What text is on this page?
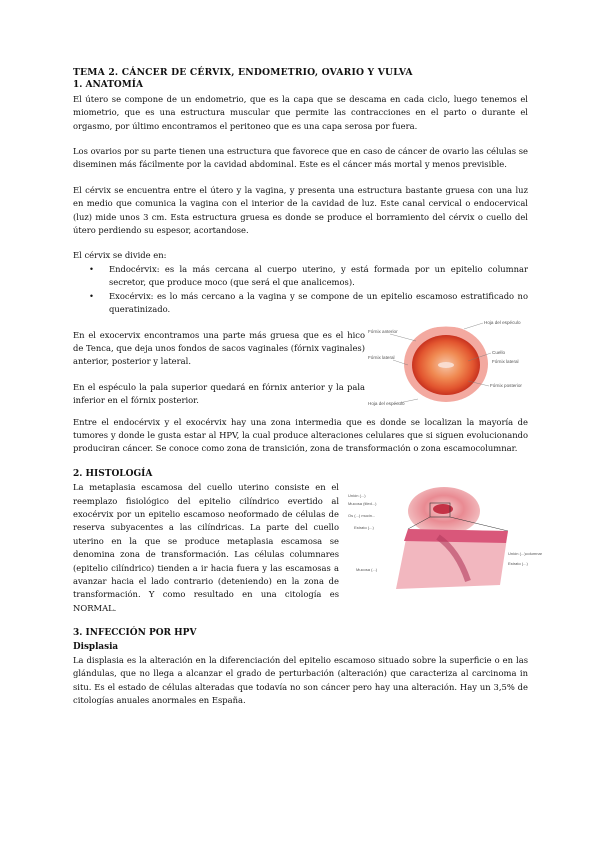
TEMA 2. CÁNCER DE CÉRVIX, ENDOMETRIO, OVARIO Y VULVA

1. ANATOMÍA

El útero se compone de un endometrio, que es la capa que se descama en cada ciclo, luego tenemos el miometrio, que es una estructura muscular que permite las contracciones en el parto o durante el orgasmo, por último encontramos el peritoneo que es una capa serosa por fuera.

Los ovarios por su parte tienen una estructura que favorece que en caso de cáncer de ovario las células se diseminen más fácilmente por la cavidad abdominal. Este es el cáncer más mortal y menos previsible.

El cérvix se encuentra entre el útero y la vagina, y presenta una estructura bastante gruesa con una luz en medio que comunica la vagina con el interior de la cavidad de luz. Este canal cervical o endocervical (luz) mide unos 3 cm. Esta estructura gruesa es donde se produce el borramiento del cérvix o cuello del útero perdiendo su espesor, acortandose.

El cérvix se divide en:

• Endocérvix: es la más cercana al cuerpo uterino, y está formada por un epitelio columnar secretor, que produce moco (que será el que analicemos).
• Exocérvix: es lo más cercano a la vagina y se compone de un epitelio escamoso estratificado no queratinizado.

En el exocervix encontramos una parte más gruesa que es el hico de Tenca, que deja unos fondos de sacos vaginales (fórnix vaginales) anterior, posterior y lateral.

En el espéculo la pala superior quedará en fórnix anterior y la pala inferior en el fórnix posterior.

Hoja del espéculo
Fórnix anterior
Cuello
Fórnix lateral
Fórnix lateral
Fórnix posterior
Hoja del espéculo

Entre el endocérvix y el exocérvix hay una zona intermedia que es donde se localizan la mayoría de tumores y donde le gusta estar al HPV, la cual produce alteraciones celulares que si siguen evolucionando produciran cáncer. Se conoce como zona de transición, zona de transformación o zona escamocolumnar.

2. HISTOLOGÍA

La metaplasia escamosa del cuello uterino consiste en el reemplazo fisiológico del epitelio cilíndrico evertido al exocérvix por un epitelio escamoso neoformado de células de reserva subyacentes a las cilíndricas. La parte del cuello uterino en la que se produce metaplasia escamosa se denomina zona de transformación. Las células columnares (epitelio cilíndrico) tienden a ir hacia fuera y las escamosas a avanzar hacia el lado contrario (deteniendo) en la zona de transformación. Y como resultado en una citología es NORMAL.

Unión (...)
Mucosa (tiled...)
Os (...) mucin...
Estrato (...)
Mucosa (...)
Unión (...)columnar
Estrato (...)

3. INFECCIÓN POR HPV

Displasia

La displasia es la alteración en la diferenciación del epitelio escamoso situado sobre la superficie o en las glándulas, que no llega a alcanzar el grado de perturbación (alteración) que caracteriza al carcinoma in situ. Es el estado de células alteradas que todavía no son cáncer pero hay una alteración. Hay un 3,5% de citologías anuales anormales en España.
